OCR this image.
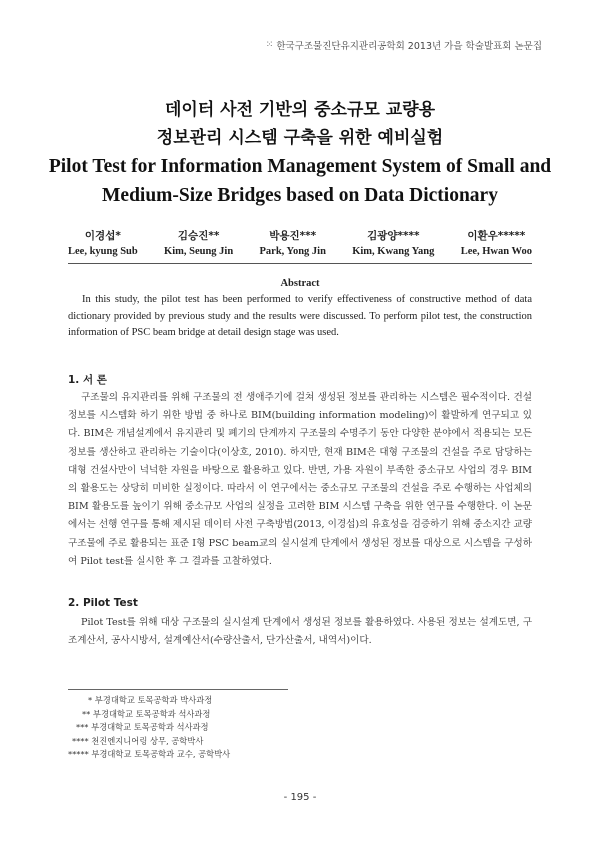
⁙ 한국구조물진단유지관리공학회 2013년 가을 학술발표회 논문집
데이터 사전 기반의 중소규모 교량용
정보관리 시스템 구축을 위한 예비실험
Pilot Test for Information Management System of Small and
Medium-Size Bridges based on Data Dictionary
이경섭*
Lee, kyung Sub
김승진**
Kim, Seung Jin
박용진***
Park, Yong Jin
김광양****
Kim, Kwang Yang
이환우*****
Lee, Hwan Woo
Abstract
In this study, the pilot test has been performed to verify effectiveness of constructive method of data dictionary provided by previous study and the results were discussed. To perform pilot test, the construction information of PSC beam bridge at detail design stage was used.
1. 서 론
구조물의 유지관리를 위해 구조물의 전 생애주기에 걸쳐 생성된 정보를 관리하는 시스템은 필수적이다. 건설 정보를 시스템화 하기 위한 방법 중 하나로 BIM(building information modeling)이 활발하게 연구되고 있다. BIM은 개념설계에서 유지관리 및 폐기의 단계까지 구조물의 수명주기 동안 다양한 분야에서 적용되는 모든 정보를 생산하고 관리하는 기술이다(이상호, 2010). 하지만, 현재 BIM은 대형 구조물의 건설을 주로 담당하는 대형 건설사만이 넉넉한 자원을 바탕으로 활용하고 있다. 반면, 가용 자원이 부족한 중소규모 사업의 경우 BIM의 활용도는 상당히 미비한 실정이다. 따라서 이 연구에서는 중소규모 구조물의 건설을 주로 수행하는 사업체의 BIM 활용도를 높이기 위해 중소규모 사업의 실정을 고려한 BIM 시스템 구축을 위한 연구를 수행한다. 이 논문에서는 선행 연구를 통해 제시된 데이터 사전 구축방법(2013, 이경섭)의 유효성을 검증하기 위해 중소지간 교량 구조물에 주로 활용되는 표준 I형 PSC beam교의 실시설계 단계에서 생성된 정보를 대상으로 시스템을 구성하여 Pilot test를 실시한 후 그 결과를 고찰하였다.
2. Pilot Test
Pilot Test를 위해 대상 구조물의 실시설계 단계에서 생성된 정보를 활용하였다. 사용된 정보는 설계도면, 구조계산서, 공사시방서, 설계예산서(수량산출서, 단가산출서, 내역서)이다.
* 부경대학교 토목공학과 박사과정
** 부경대학교 토목공학과 석사과정
*** 부경대학교 토목공학과 석사과정
**** 천진엔지니어링 상무, 공학박사
***** 부경대학교 토목공학과 교수, 공학박사
- 195 -
